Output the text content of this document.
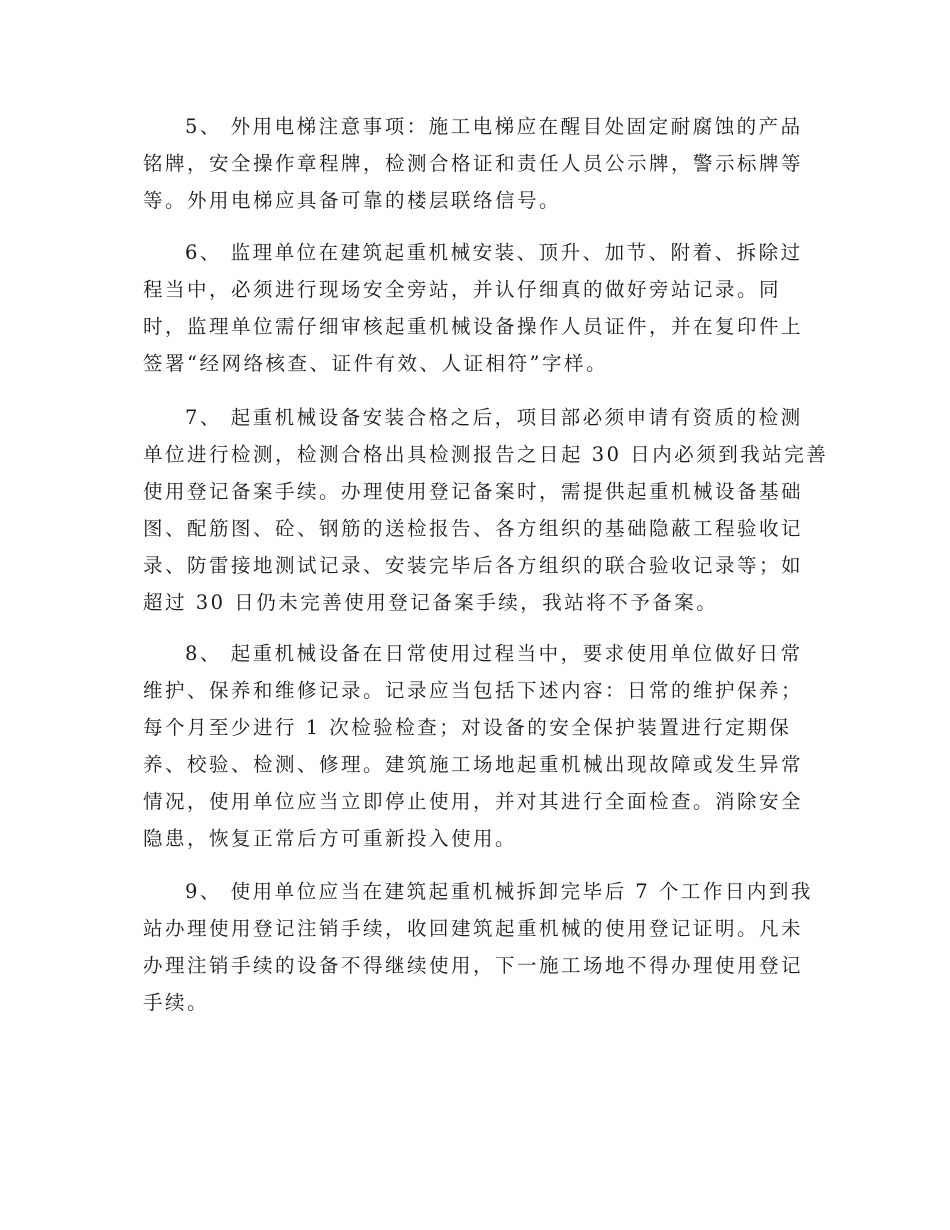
5、 外用电梯注意事项：施工电梯应在醒目处固定耐腐蚀的产品
铭牌，安全操作章程牌，检测合格证和责任人员公示牌，警示标牌等
等。外用电梯应具备可靠的楼层联络信号。
6、 监理单位在建筑起重机械安装、顶升、加节、附着、拆除过
程当中，必须进行现场安全旁站，并认仔细真的做好旁站记录。同
时，监理单位需仔细审核起重机械设备操作人员证件，并在复印件上
签署“经网络核查、证件有效、人证相符”字样。
7、 起重机械设备安装合格之后，项目部必须申请有资质的检测
单位进行检测，检测合格出具检测报告之日起 30 日内必须到我站完善
使用登记备案手续。办理使用登记备案时，需提供起重机械设备基础
图、配筋图、砼、钢筋的送检报告、各方组织的基础隐蔽工程验收记
录、防雷接地测试记录、安装完毕后各方组织的联合验收记录等；如
超过 30 日仍未完善使用登记备案手续，我站将不予备案。
8、 起重机械设备在日常使用过程当中，要求使用单位做好日常
维护、保养和维修记录。记录应当包括下述内容：日常的维护保养；
每个月至少进行 1 次检验检查；对设备的安全保护装置进行定期保
养、校验、检测、修理。建筑施工场地起重机械出现故障或发生异常
情况，使用单位应当立即停止使用，并对其进行全面检查。消除安全
隐患，恢复正常后方可重新投入使用。
9、 使用单位应当在建筑起重机械拆卸完毕后 7 个工作日内到我
站办理使用登记注销手续，收回建筑起重机械的使用登记证明。凡未
办理注销手续的设备不得继续使用，下一施工场地不得办理使用登记
手续。
